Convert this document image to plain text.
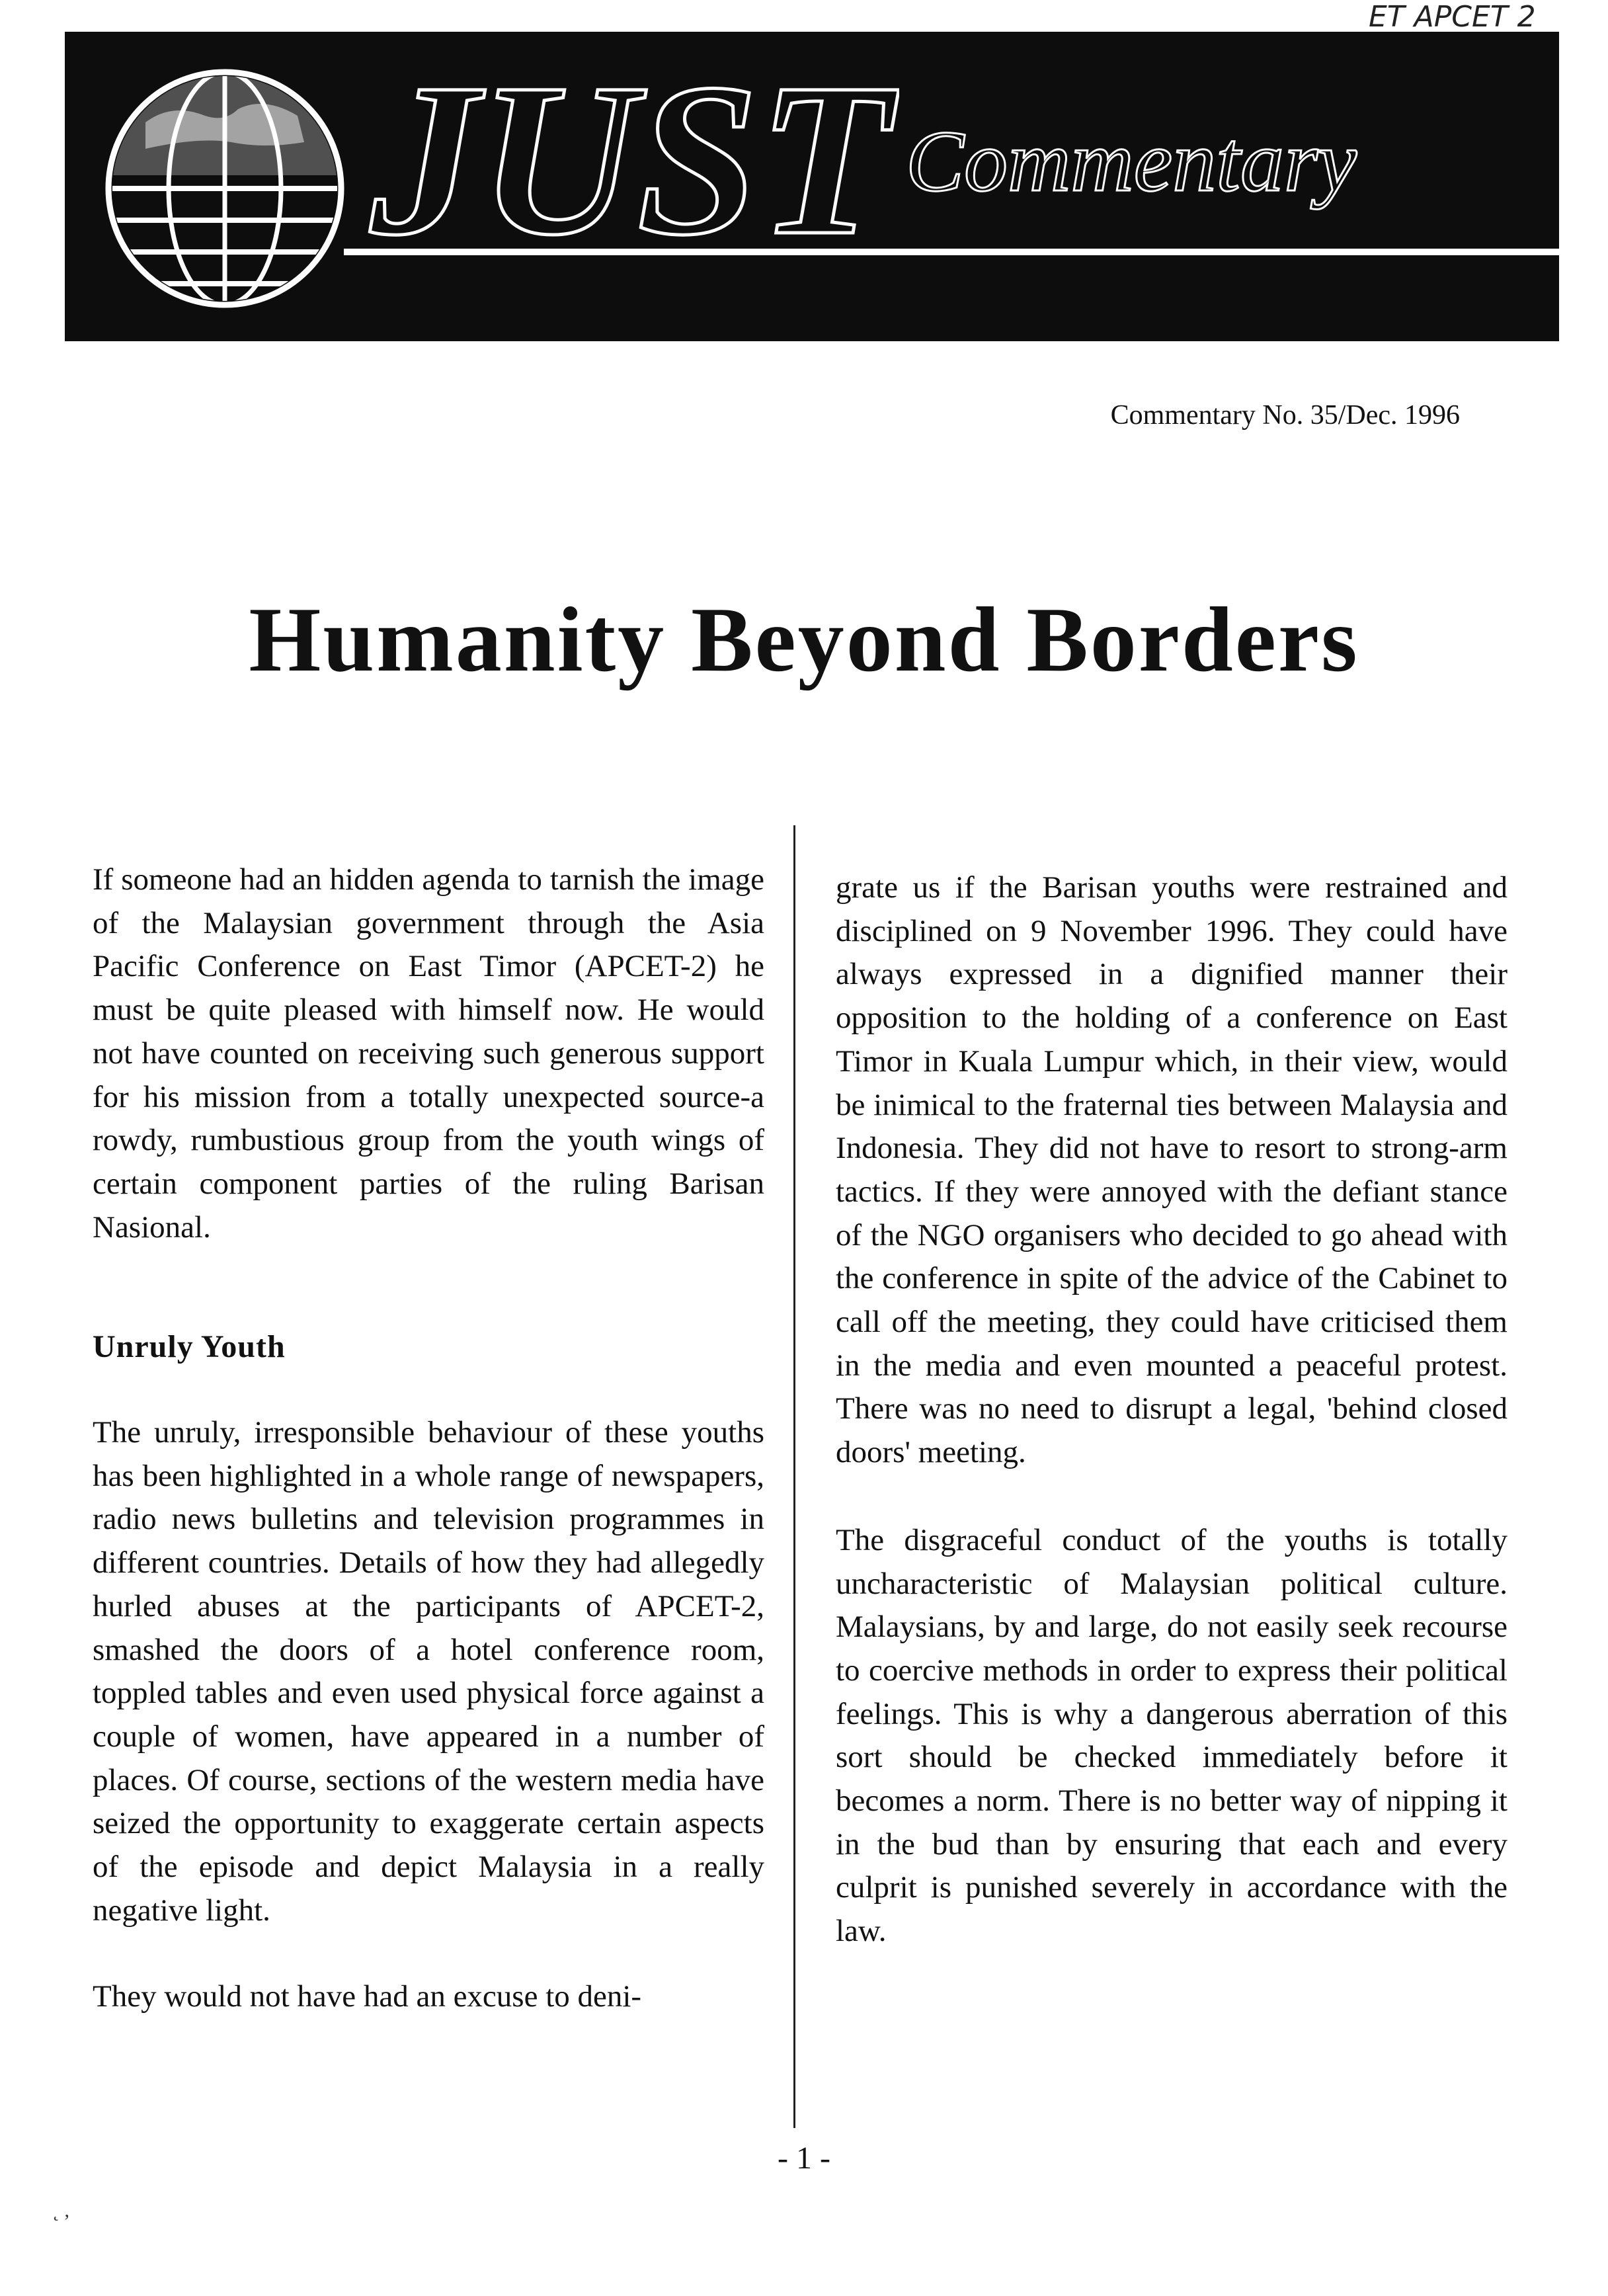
JUST Commentary
ET APCET 2
Commentary No. 35/Dec. 1996
Humanity Beyond Borders

If someone had an hidden agenda to tarnish the image of the Malaysian government through the Asia Pacific Conference on East Timor (APCET-2) he must be quite pleased with himself now. He would not have counted on receiving such generous support for his mission from a totally unexpected source-a rowdy, rumbustious group from the youth wings of certain component parties of the ruling Barisan Nasional.

Unruly Youth

The unruly, irresponsible behaviour of these youths has been highlighted in a whole range of newspapers, radio news bulletins and television programmes in different countries. Details of how they had allegedly hurled abuses at the participants of APCET-2, smashed the doors of a hotel conference room, toppled tables and even used physical force against a couple of women, have appeared in a number of places. Of course, sections of the western media have seized the opportunity to exaggerate certain aspects of the episode and depict Malaysia in a really negative light.

They would not have had an excuse to deni-

grate us if the Barisan youths were restrained and disciplined on 9 November 1996. They could have always expressed in a dignified manner their opposition to the holding of a conference on East Timor in Kuala Lumpur which, in their view, would be inimical to the fraternal ties between Malaysia and Indonesia. They did not have to resort to strong-arm tactics. If they were annoyed with the defiant stance of the NGO organisers who decided to go ahead with the conference in spite of the advice of the Cabinet to call off the meeting, they could have criticised them in the media and even mounted a peaceful protest. There was no need to disrupt a legal, 'behind closed doors' meeting.

The disgraceful conduct of the youths is totally uncharacteristic of Malaysian political culture. Malaysians, by and large, do not easily seek recourse to coercive methods in order to express their political feelings. This is why a dangerous aberration of this sort should be checked immediately before it becomes a norm. There is no better way of nipping it in the bud than by ensuring that each and every culprit is punished severely in accordance with the law.

- 1 -
˛ ,
